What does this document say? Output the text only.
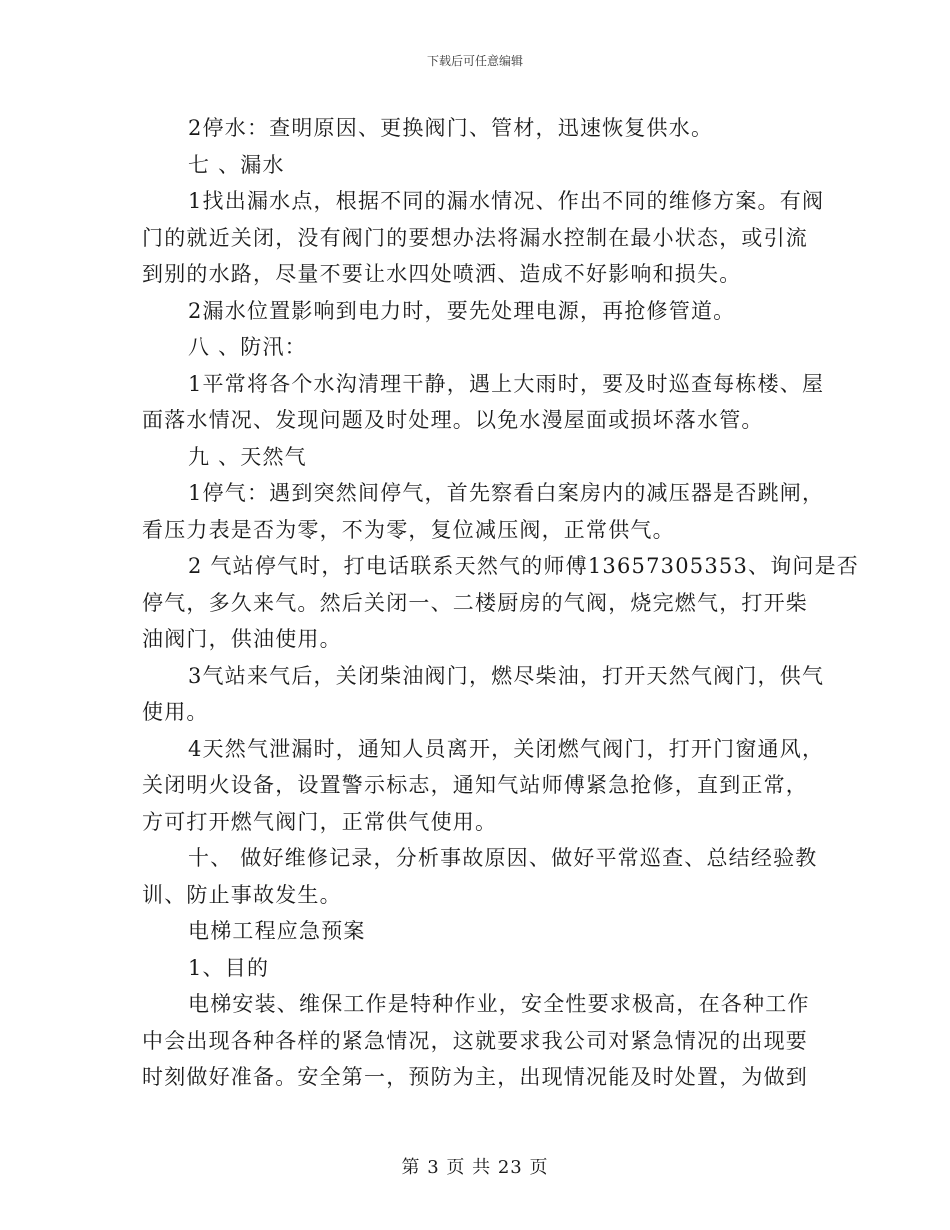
下载后可任意编辑
2停水：查明原因、更换阀门、管材，迅速恢复供水。
七 、漏水
1找出漏水点，根据不同的漏水情况、作出不同的维修方案。有阀
门的就近关闭，没有阀门的要想办法将漏水控制在最小状态，或引流
到别的水路，尽量不要让水四处喷洒、造成不好影响和损失。
2漏水位置影响到电力时，要先处理电源，再抢修管道。
八 、防汛：
1平常将各个水沟清理干静，遇上大雨时，要及时巡查每栋楼、屋
面落水情况、发现问题及时处理。以免水漫屋面或损坏落水管。
九 、天然气
1停气：遇到突然间停气，首先察看白案房内的减压器是否跳闸，
看压力表是否为零，不为零，复位减压阀，正常供气。
2 气站停气时，打电话联系天然气的师傅13657305353、询问是否
停气，多久来气。然后关闭一、二楼厨房的气阀，烧完燃气，打开柴
油阀门，供油使用。
3气站来气后，关闭柴油阀门，燃尽柴油，打开天然气阀门，供气
使用。
4天然气泄漏时，通知人员离开，关闭燃气阀门，打开门窗通风，
关闭明火设备，设置警示标志，通知气站师傅紧急抢修，直到正常，
方可打开燃气阀门，正常供气使用。
十、 做好维修记录，分析事故原因、做好平常巡查、总结经验教
训、防止事故发生。
电梯工程应急预案
1、目的
电梯安装、维保工作是特种作业，安全性要求极高，在各种工作
中会出现各种各样的紧急情况，这就要求我公司对紧急情况的出现要
时刻做好准备。安全第一，预防为主，出现情况能及时处置，为做到
第 3 页 共 23 页
